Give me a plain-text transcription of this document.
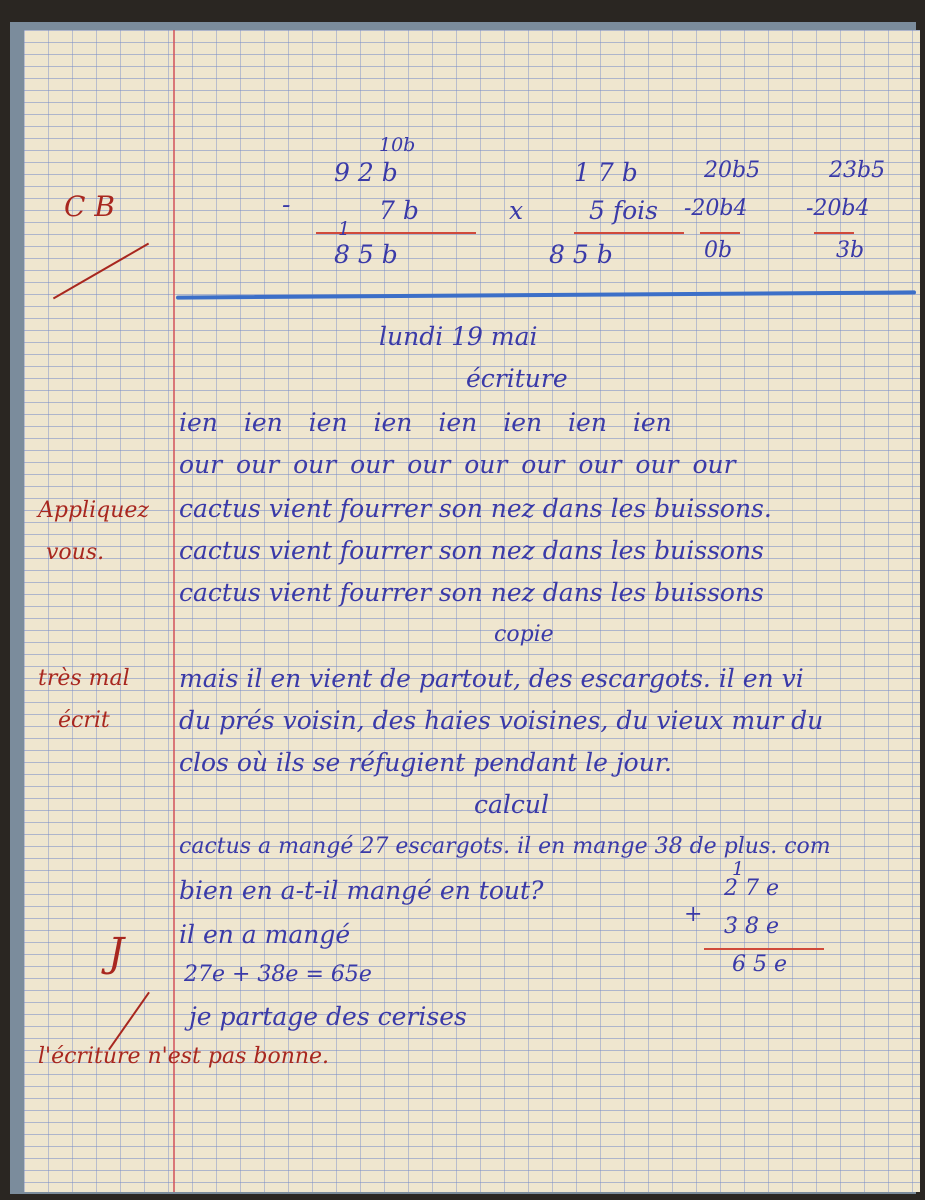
C B
10b
9 2 b
-	7 b
1
8 5 b
1 7 b
x	5 fois
8 5 b
20b5
-20b4
0b
23b5
-20b4
3b
lundi 19 mai
écriture
ien ien ien ien ien ien ien ien
our our our our our our our our our our
cactus vient fourrer son nez dans les buissons.
cactus vient fourrer son nez dans les buissons
cactus vient fourrer son nez dans les buissons
Appliquez
vous.
copie
mais il en vient de partout, des escargots. il en vi
du prés voisin, des haies voisines, du vieux mur du
clos où ils se réfugient pendant le jour.
très mal
écrit
calcul
cactus a mangé 27 escargots. il en mange 38 de plus. com
bien en a-t-il mangé en tout?
il en a mangé
27e + 38e = 65e
je partage des cerises
1
2 7 e
+ 3 8 e
6 5 e
J
l'écriture n'est pas bonne.
